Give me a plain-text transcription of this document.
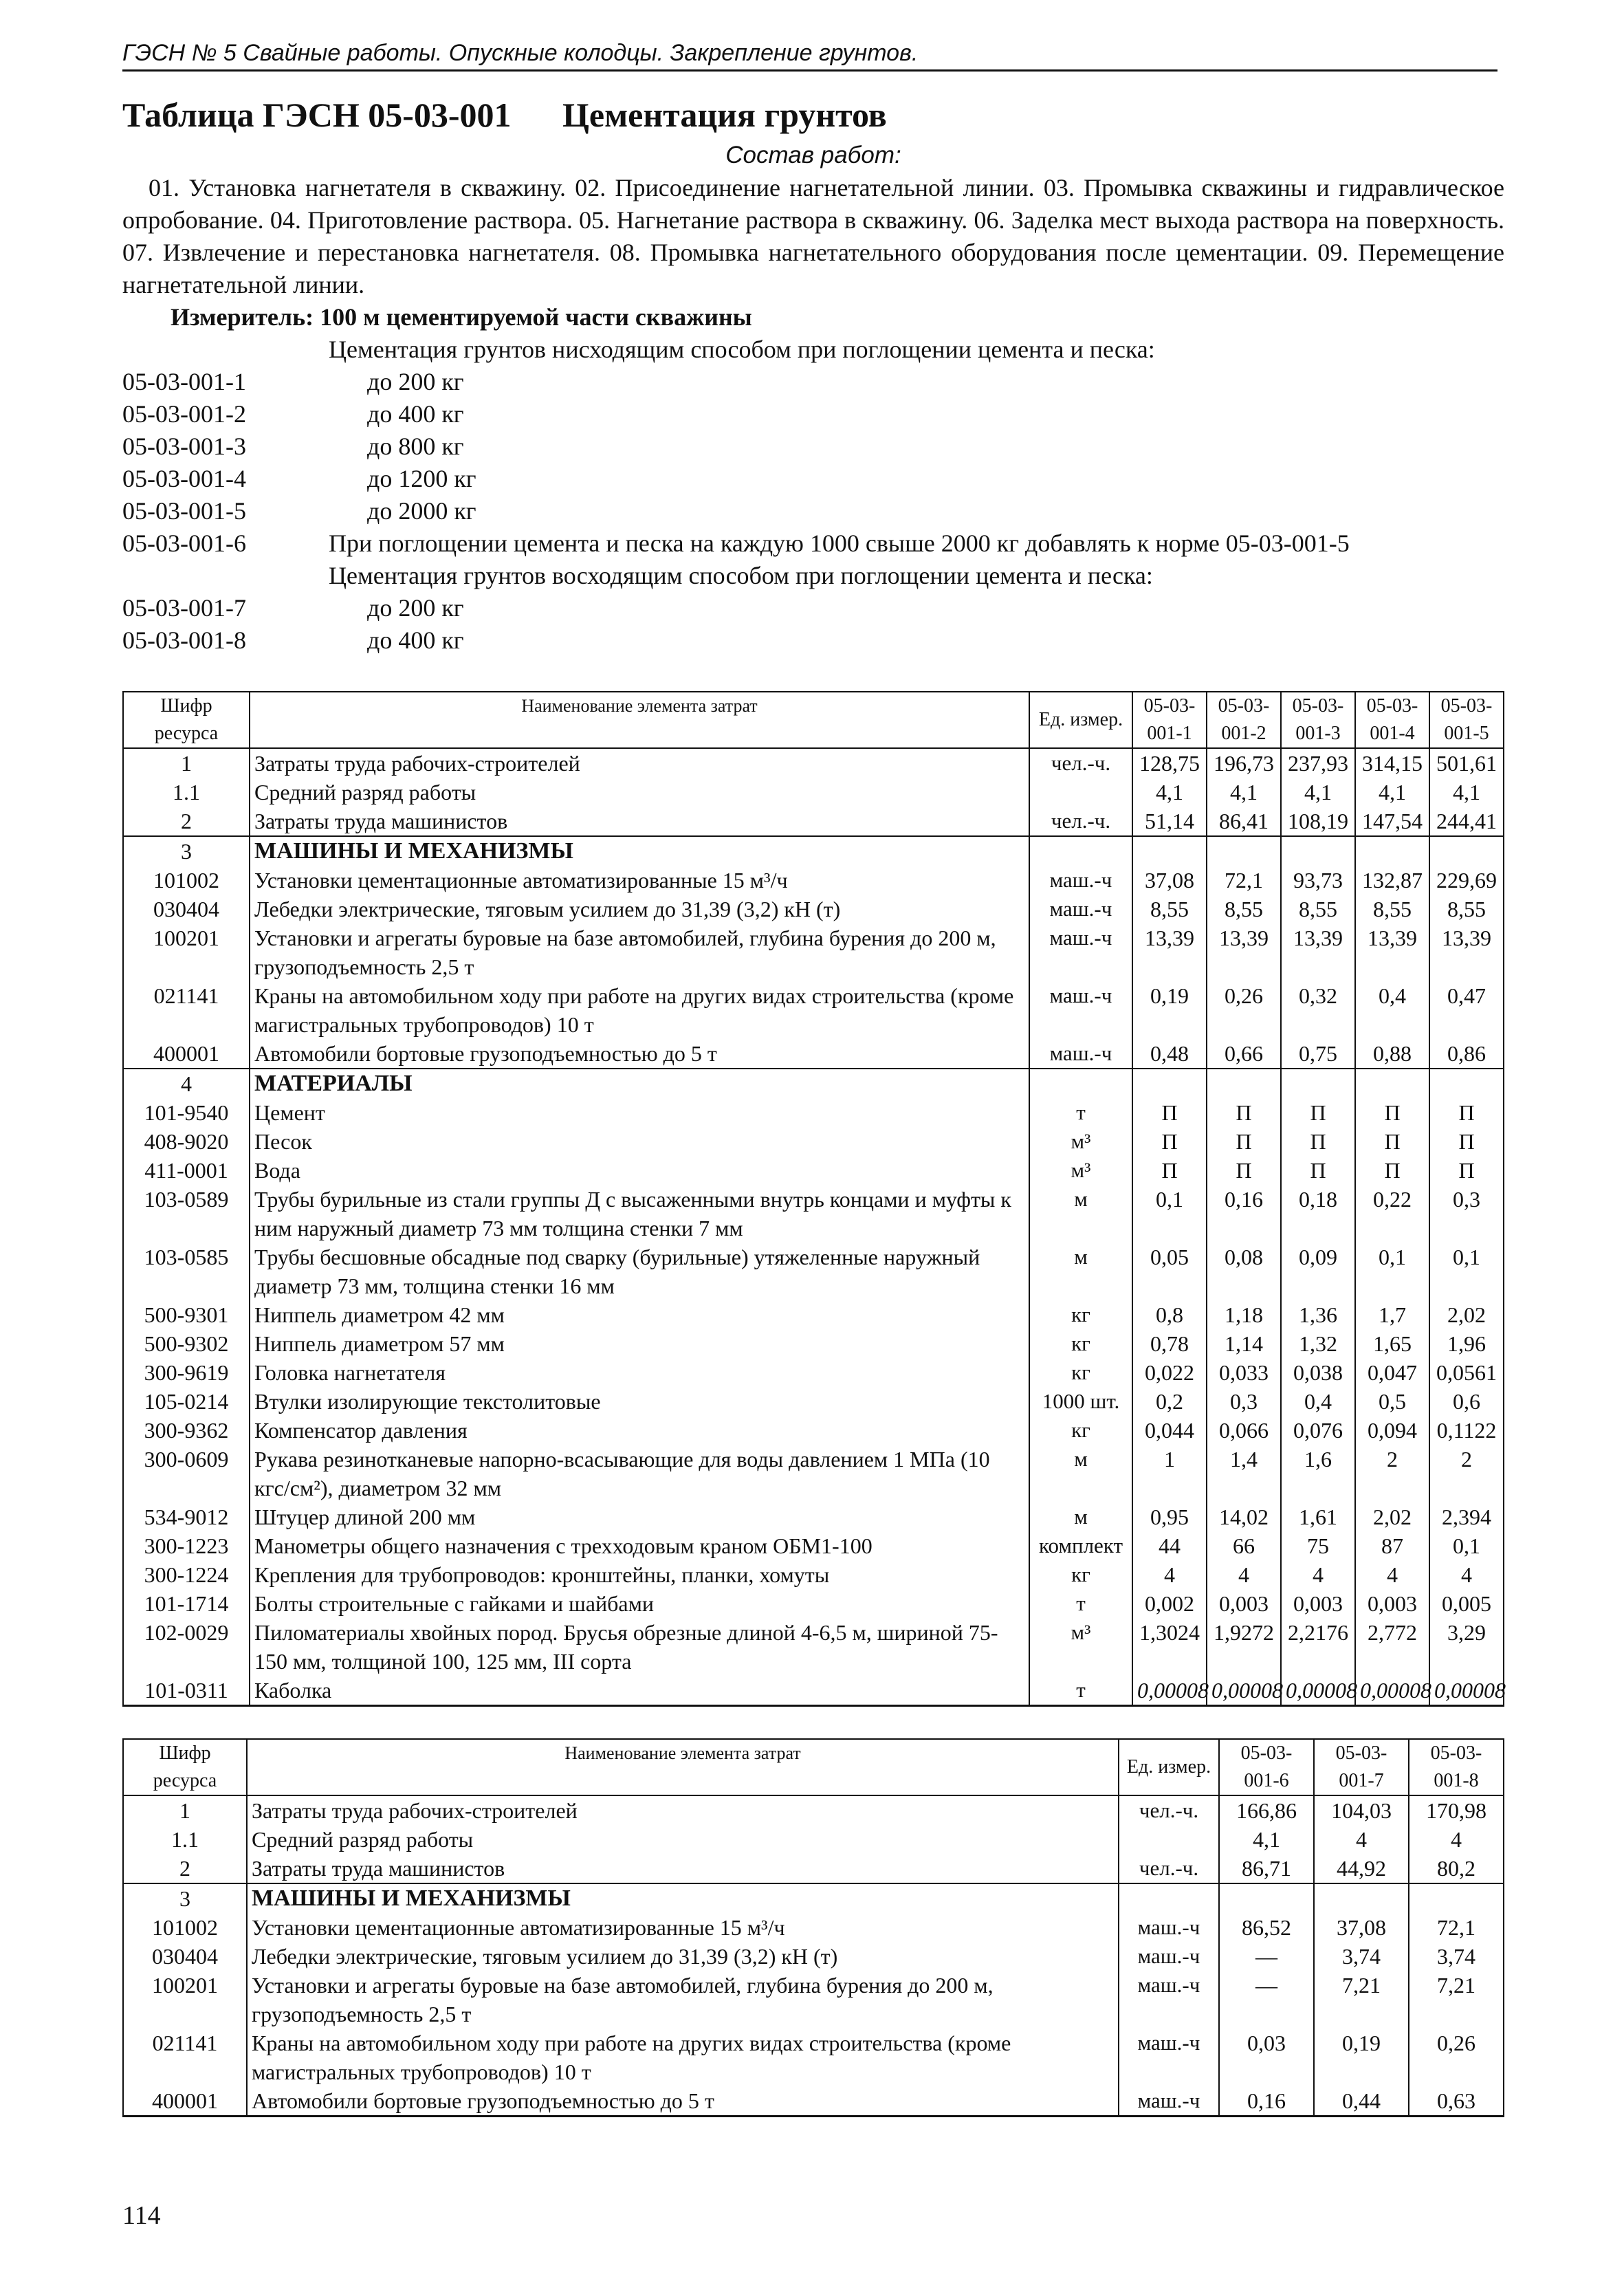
ГЭСН № 5 Свайные работы. Опускные колодцы. Закрепление грунтов.
Таблица ГЭСН 05-03-001	Цементация грунтов
Состав работ:
01. Установка нагнетателя в скважину. 02. Присоединение нагнетательной линии. 03. Промывка скважины и гидравлическое опробование. 04. Приготовление раствора. 05. Нагнетание раствора в скважину. 06. Заделка мест выхода раствора на поверхность. 07. Извлечение и перестановка нагнетателя. 08. Промывка нагнетательного оборудования после цементации. 09. Перемещение нагнетательной линии.
Измеритель: 100 м цементируемой части скважины
Цементация грунтов нисходящим способом при поглощении цемента и песка:
05-03-001-1	до 200 кг
05-03-001-2	до 400 кг
05-03-001-3	до 800 кг
05-03-001-4	до 1200 кг
05-03-001-5	до 2000 кг
05-03-001-6	При поглощении цемента и песка на каждую 1000 свыше 2000 кг добавлять к норме 05-03-001-5
Цементация грунтов восходящим способом при поглощении цемента и песка:
05-03-001-7	до 200 кг
05-03-001-8	до 400 кг
Шифр ресурса	Наименование элемента затрат	Ед. измер.	05-03-001-1	05-03-001-2	05-03-001-3	05-03-001-4	05-03-001-5
1	Затраты труда рабочих-строителей	чел.-ч.	128,75	196,73	237,93	314,15	501,61
1.1	Средний разряд работы		4,1	4,1	4,1	4,1	4,1
2	Затраты труда машинистов	чел.-ч.	51,14	86,41	108,19	147,54	244,41
3	МАШИНЫ И МЕХАНИЗМЫ						
101002	Установки цементационные автоматизированные 15 м³/ч	маш.-ч	37,08	72,1	93,73	132,87	229,69
030404	Лебедки электрические, тяговым усилием до 31,39 (3,2) кН (т)	маш.-ч	8,55	8,55	8,55	8,55	8,55
100201	Установки и агрегаты буровые на базе автомобилей, глубина бурения до 200 м, грузоподъемность 2,5 т	маш.-ч	13,39	13,39	13,39	13,39	13,39
021141	Краны на автомобильном ходу при работе на других видах строительства (кроме магистральных трубопроводов) 10 т	маш.-ч	0,19	0,26	0,32	0,4	0,47
400001	Автомобили бортовые грузоподъемностью до 5 т	маш.-ч	0,48	0,66	0,75	0,88	0,86
4	МАТЕРИАЛЫ						
101-9540	Цемент	т	П	П	П	П	П
408-9020	Песок	м³	П	П	П	П	П
411-0001	Вода	м³	П	П	П	П	П
103-0589	Трубы бурильные из стали группы Д с высаженными внутрь концами и муфты к ним наружный диаметр 73 мм толщина стенки 7 мм	м	0,1	0,16	0,18	0,22	0,3
103-0585	Трубы бесшовные обсадные под сварку (бурильные) утяжеленные наружный диаметр 73 мм, толщина стенки 16 мм	м	0,05	0,08	0,09	0,1	0,1
500-9301	Ниппель диаметром 42 мм	кг	0,8	1,18	1,36	1,7	2,02
500-9302	Ниппель диаметром 57 мм	кг	0,78	1,14	1,32	1,65	1,96
300-9619	Головка нагнетателя	кг	0,022	0,033	0,038	0,047	0,0561
105-0214	Втулки изолирующие текстолитовые	1000 шт.	0,2	0,3	0,4	0,5	0,6
300-9362	Компенсатор давления	кг	0,044	0,066	0,076	0,094	0,1122
300-0609	Рукава резинотканевые напорно-всасывающие для воды давлением 1 МПа (10 кгс/см²), диаметром 32 мм	м	1	1,4	1,6	2	2
534-9012	Штуцер длиной 200 мм	м	0,95	14,02	1,61	2,02	2,394
300-1223	Манометры общего назначения с трехходовым краном ОБМ1-100	комплект	44	66	75	87	0,1
300-1224	Крепления для трубопроводов: кронштейны, планки, хомуты	кг	4	4	4	4	4
101-1714	Болты строительные с гайками и шайбами	т	0,002	0,003	0,003	0,003	0,005
102-0029	Пиломатериалы хвойных пород. Брусья обрезные длиной 4-6,5 м, шириной 75-150 мм, толщиной 100, 125 мм, III сорта	м³	1,3024	1,9272	2,2176	2,772	3,29
101-0311	Каболка	т	0,00008	0,00008	0,00008	0,00008	0,00008
Шифр ресурса	Наименование элемента затрат	Ед. измер.	05-03-001-6	05-03-001-7	05-03-001-8
1	Затраты труда рабочих-строителей	чел.-ч.	166,86	104,03	170,98
1.1	Средний разряд работы		4,1	4	4
2	Затраты труда машинистов	чел.-ч.	86,71	44,92	80,2
3	МАШИНЫ И МЕХАНИЗМЫ				
101002	Установки цементационные автоматизированные 15 м³/ч	маш.-ч	86,52	37,08	72,1
030404	Лебедки электрические, тяговым усилием до 31,39 (3,2) кН (т)	маш.-ч	—	3,74	3,74
100201	Установки и агрегаты буровые на базе автомобилей, глубина бурения до 200 м, грузоподъемность 2,5 т	маш.-ч	—	7,21	7,21
021141	Краны на автомобильном ходу при работе на других видах строительства (кроме магистральных трубопроводов) 10 т	маш.-ч	0,03	0,19	0,26
400001	Автомобили бортовые грузоподъемностью до 5 т	маш.-ч	0,16	0,44	0,63
114
